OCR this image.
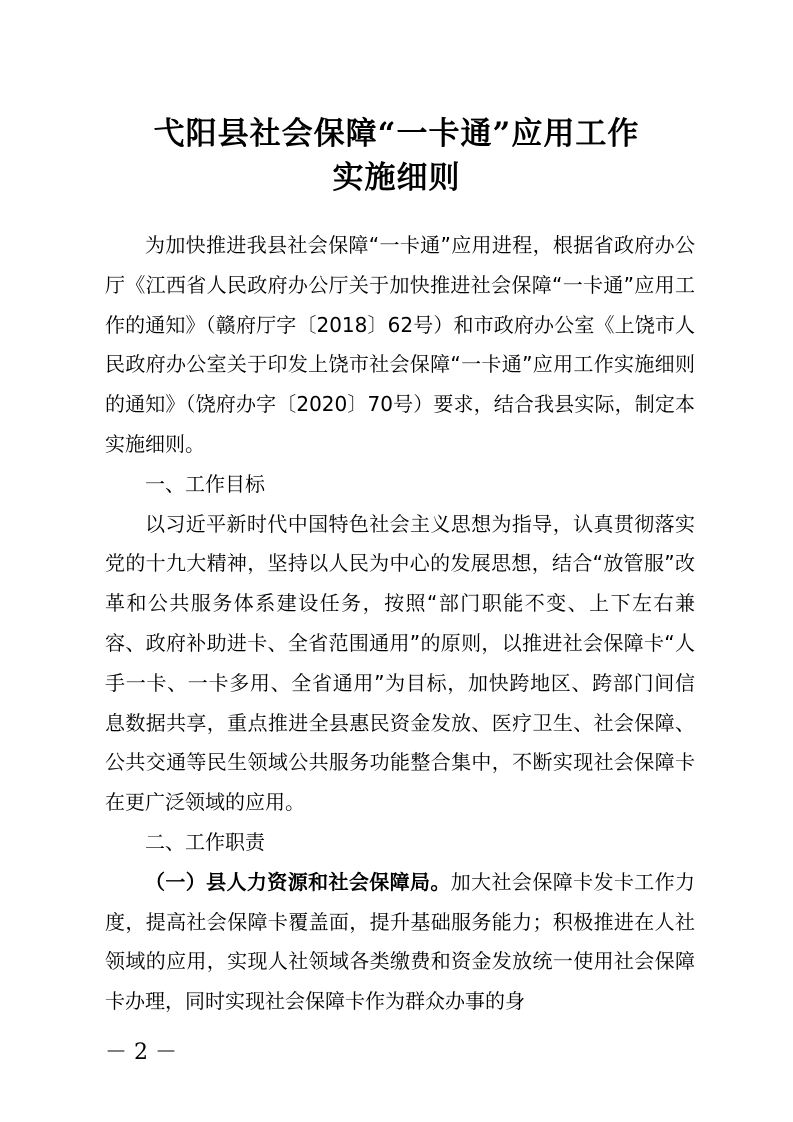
弋阳县社会保障“一卡通”应用工作
实施细则

为加快推进我县社会保障“一卡通”应用进程，根据省政府办公厅《江西省人民政府办公厅关于加快推进社会保障“一卡通”应用工作的通知》（赣府厅字〔2018〕62号）和市政府办公室《上饶市人民政府办公室关于印发上饶市社会保障“一卡通”应用工作实施细则的通知》（饶府办字〔2020〕70号）要求，结合我县实际，制定本实施细则。

一、工作目标

以习近平新时代中国特色社会主义思想为指导，认真贯彻落实党的十九大精神，坚持以人民为中心的发展思想，结合“放管服”改革和公共服务体系建设任务，按照“部门职能不变、上下左右兼容、政府补助进卡、全省范围通用”的原则，以推进社会保障卡“人手一卡、一卡多用、全省通用”为目标，加快跨地区、跨部门间信息数据共享，重点推进全县惠民资金发放、医疗卫生、社会保障、公共交通等民生领域公共服务功能整合集中，不断实现社会保障卡在更广泛领域的应用。

二、工作职责

（一）县人力资源和社会保障局。加大社会保障卡发卡工作力度，提高社会保障卡覆盖面，提升基础服务能力；积极推进在人社领域的应用，实现人社领域各类缴费和资金发放统一使用社会保障卡办理，同时实现社会保障卡作为群众办事的身

－ 2 －
